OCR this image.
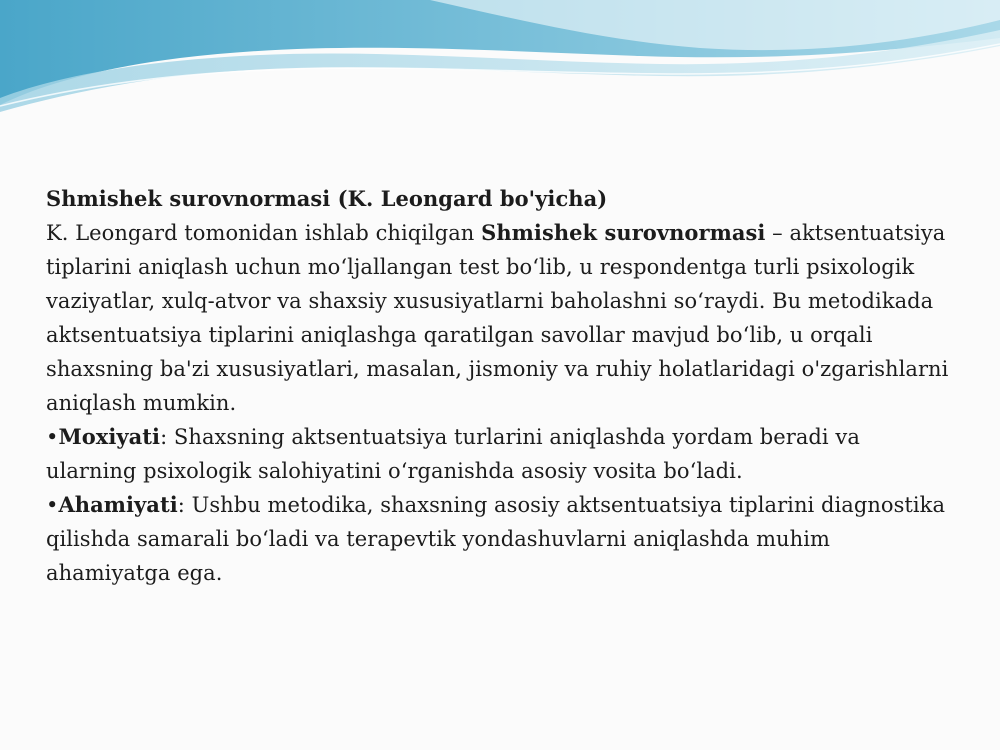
Shmishek surovnormasi (K. Leongard bo'yicha)

K. Leongard tomonidan ishlab chiqilgan Shmishek surovnormasi – aktsentuatsiya tiplarini aniqlash uchun moʻljallangan test boʻlib, u respondentga turli psixologik vaziyatlar, xulq-atvor va shaxsiy xususiyatlarni baholashni soʻraydi. Bu metodikada aktsentuatsiya tiplarini aniqlashga qaratilgan savollar mavjud boʻlib, u orqali shaxsning ba'zi xususiyatlari, masalan, jismoniy va ruhiy holatlaridagi o'zgarishlarni aniqlash mumkin.

•Moxiyati: Shaxsning aktsentuatsiya turlarini aniqlashda yordam beradi va ularning psixologik salohiyatini oʻrganishda asosiy vosita boʻladi.

•Ahamiyati: Ushbu metodika, shaxsning asosiy aktsentuatsiya tiplarini diagnostika qilishda samarali boʻladi va terapevtik yondashuvlarni aniqlashda muhim ahamiyatga ega.
